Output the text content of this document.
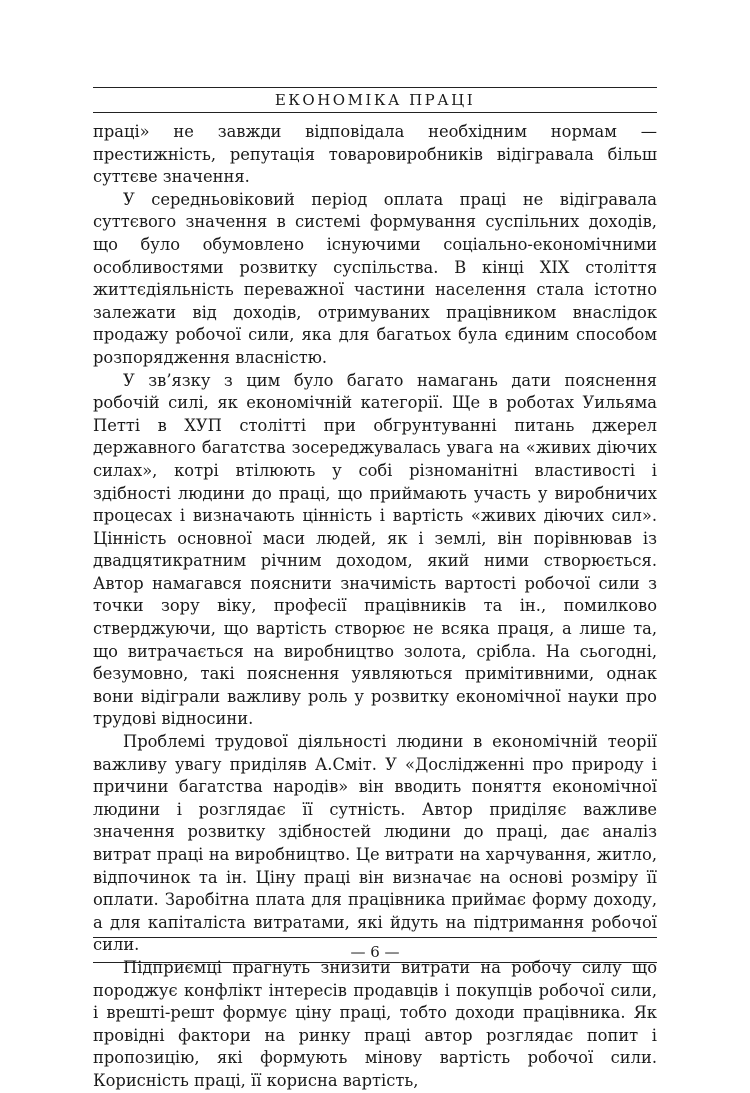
ЕКОНОМІКА ПРАЦІ

праці» не завжди відповідала необхідним нормам — престижність, репутація товаровиробників відігравала більш суттєве значення.

У середньовіковий період оплата праці не відігравала суттєвого значення в системі формування суспільних доходів, що було обумовлено існуючими соціально-економічними особливостями розвитку суспільства. В кінці XIX століття життєдіяльність переважної частини населення стала істотно залежати від доходів, отримуваних працівником внаслідок продажу робочої сили, яка для багатьох була єдиним способом розпорядження власністю.

У зв’язку з цим було багато намагань дати пояснення робочій силі, як економічній категорії. Ще в роботах Уильяма Петті в ХУП столітті при обгрунтуванні питань джерел державного багатства зосереджувалась увага на «живих діючих силах», котрі втілюють у собі різноманітні властивості і здібності людини до праці, що приймають участь у виробничих процесах і визначають цінність і вартість «живих діючих сил». Цінність основної маси людей, як і землі, він порівнював із двадцятикратним річним доходом, який ними створюється. Автор намагався пояснити значимість вартості робочої сили з точки зору віку, професії працівників та ін., помилково стверджуючи, що вартість створює не всяка праця, а лише та, що витрачається на виробництво золота, срібла. На сьогодні, безумовно, такі пояснення уявляються примітивними, однак вони відіграли важливу роль у розвитку економічної науки про трудові відносини.

Проблемі трудової діяльності людини в економічній теорії важливу увагу приділяв А.Сміт. У «Дослідженні про природу і причини багатства народів» він вводить поняття економічної людини і розглядає її сутність. Автор приділяє важливе значення розвитку здібностей людини до праці, дає аналіз витрат праці на виробництво. Це витрати на харчування, житло, відпочинок та ін. Ціну праці він визначає на основі розміру її оплати. Заробітна плата для працівника приймає форму доходу, а для капіталіста витратами, які йдуть на підтримання робочої сили.

Підприємці прагнуть знизити витрати на робочу силу що породжує конфлікт інтересів продавців і покупців робочої сили, і врешті-решт формує ціну праці, тобто доходи працівника. Як провідні фактори на ринку праці автор розглядає попит і пропозицію, які формують мінову вартість робочої сили. Корисність праці, її корисна вартість,

— 6 —
